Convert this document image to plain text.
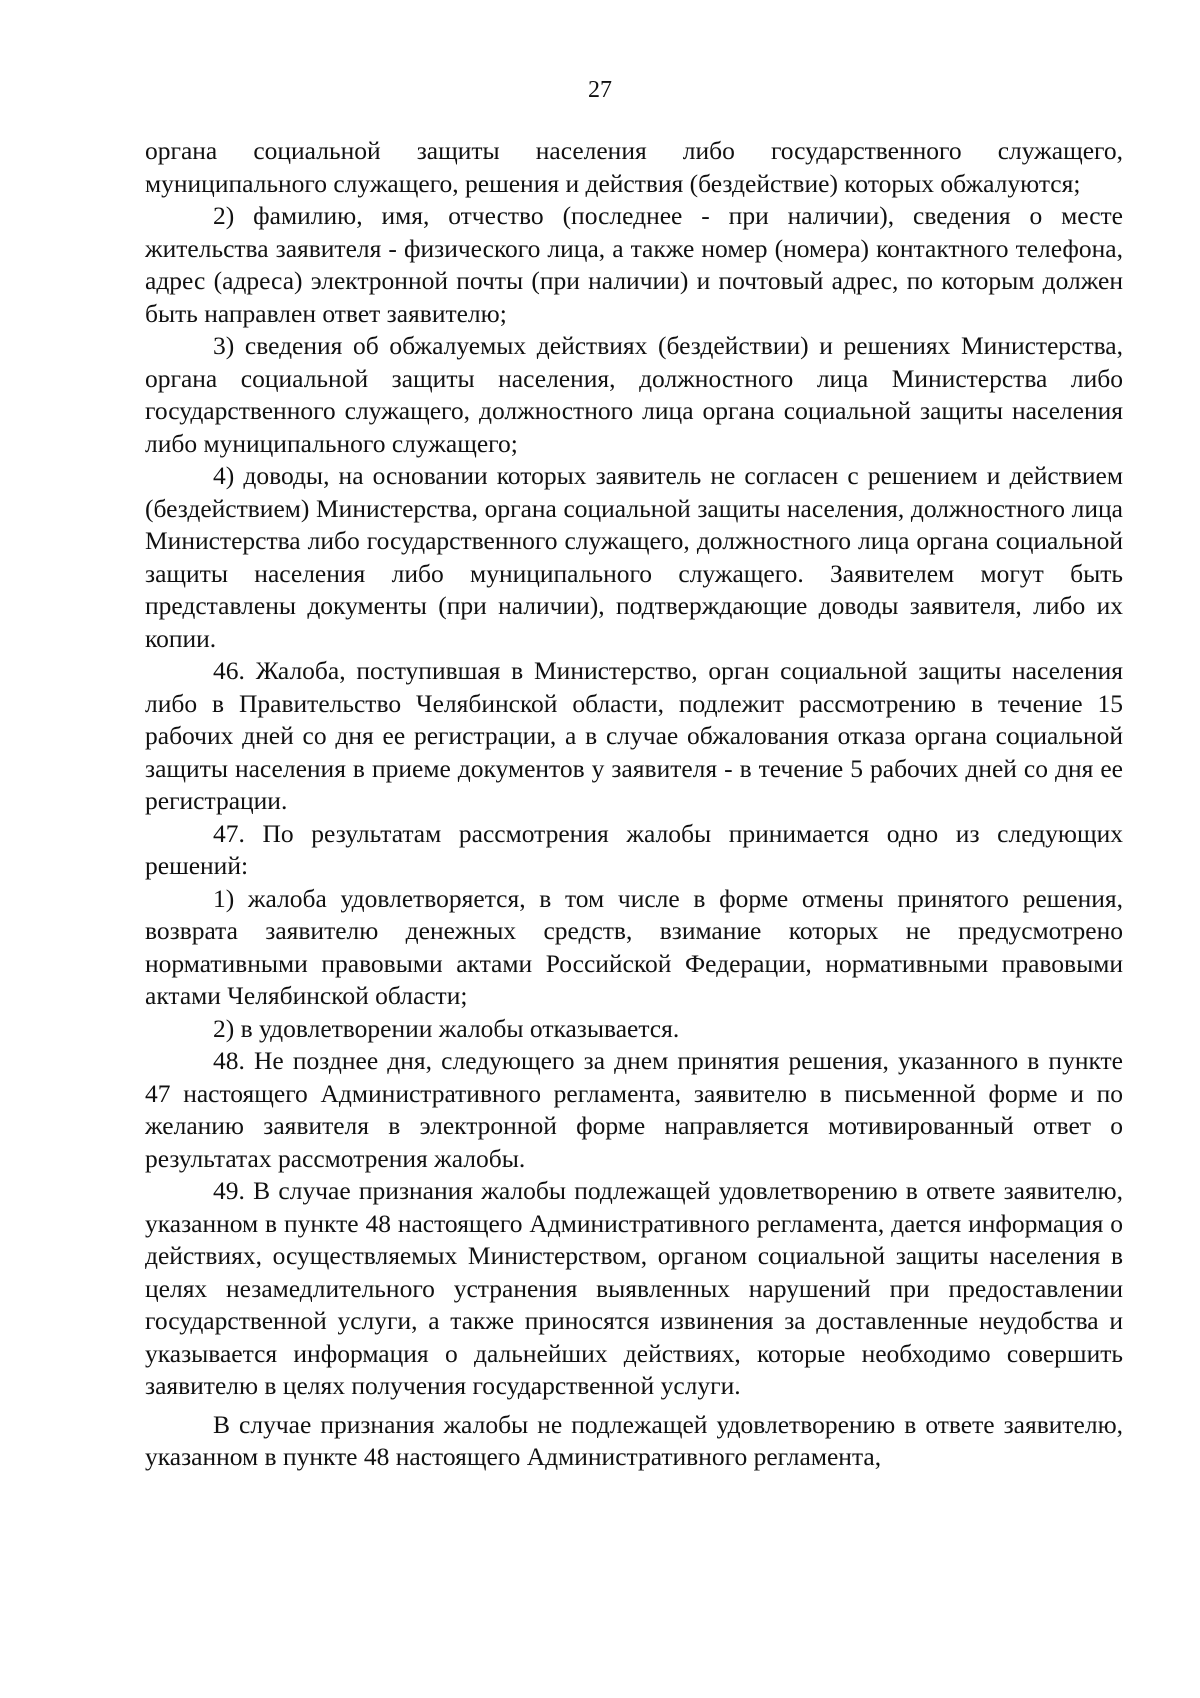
27

органа социальной защиты населения либо государственного служащего, муниципального служащего, решения и действия (бездействие) которых обжалуются;

2) фамилию, имя, отчество (последнее - при наличии), сведения о месте жительства заявителя - физического лица, а также номер (номера) контактного телефона, адрес (адреса) электронной почты (при наличии) и почтовый адрес, по которым должен быть направлен ответ заявителю;

3) сведения об обжалуемых действиях (бездействии) и решениях Министерства, органа социальной защиты населения, должностного лица Министерства либо государственного служащего, должностного лица органа социальной защиты населения либо муниципального служащего;

4) доводы, на основании которых заявитель не согласен с решением и действием (бездействием) Министерства, органа социальной защиты населения, должностного лица Министерства либо государственного служащего, должностного лица органа социальной защиты населения либо муниципального служащего. Заявителем могут быть представлены документы (при наличии), подтверждающие доводы заявителя, либо их копии.

46. Жалоба, поступившая в Министерство, орган социальной защиты населения либо в Правительство Челябинской области, подлежит рассмотрению в течение 15 рабочих дней со дня ее регистрации, а в случае обжалования отказа органа социальной защиты населения в приеме документов у заявителя - в течение 5 рабочих дней со дня ее регистрации.

47. По результатам рассмотрения жалобы принимается одно из следующих решений:

1) жалоба удовлетворяется, в том числе в форме отмены принятого решения, возврата заявителю денежных средств, взимание которых не предусмотрено нормативными правовыми актами Российской Федерации, нормативными правовыми актами Челябинской области;

2) в удовлетворении жалобы отказывается.

48. Не позднее дня, следующего за днем принятия решения, указанного в пункте 47 настоящего Административного регламента, заявителю в письменной форме и по желанию заявителя в электронной форме направляется мотивированный ответ о результатах рассмотрения жалобы.

49. В случае признания жалобы подлежащей удовлетворению в ответе заявителю, указанном в пункте 48 настоящего Административного регламента, дается информация о действиях, осуществляемых Министерством, органом социальной защиты населения в целях незамедлительного устранения выявленных нарушений при предоставлении государственной услуги, а также приносятся извинения за доставленные неудобства и указывается информация о дальнейших действиях, которые необходимо совершить заявителю в целях получения государственной услуги.

В случае признания жалобы не подлежащей удовлетворению в ответе заявителю, указанном в пункте 48 настоящего Административного регламента,
